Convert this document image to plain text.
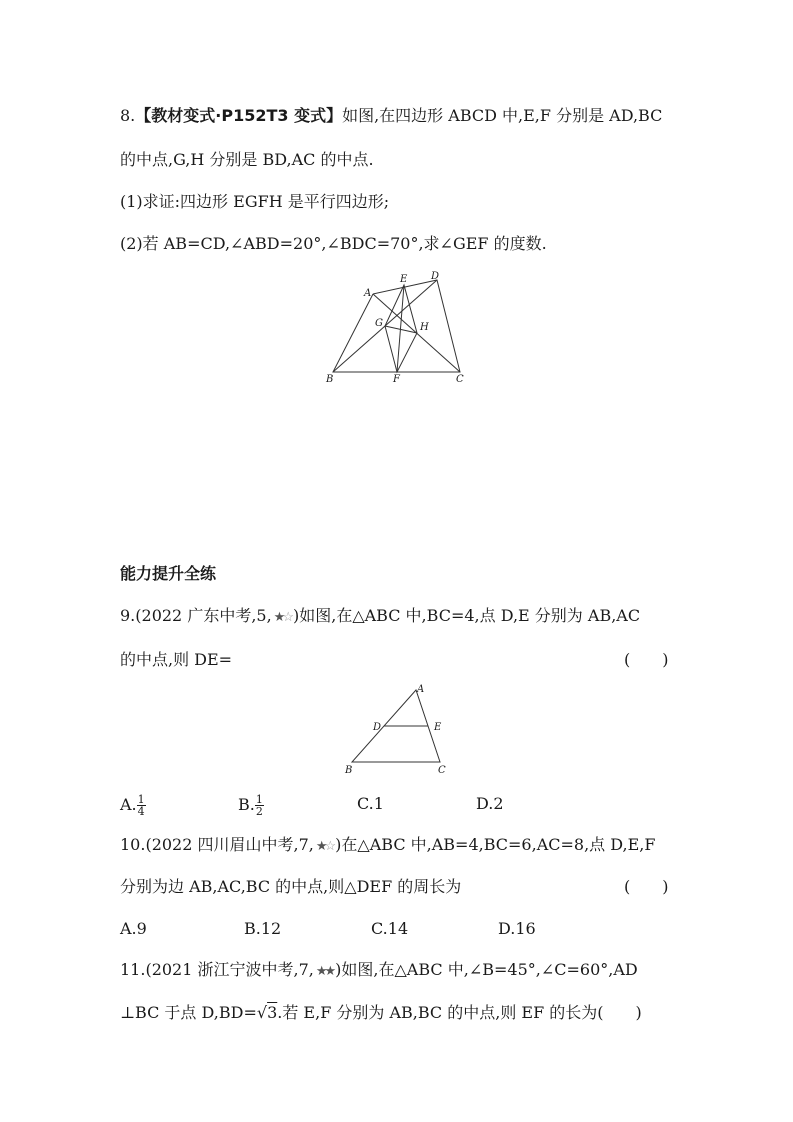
8.【教材变式·P152T3 变式】如图,在四边形 ABCD 中,E,F 分别是 AD,BC
的中点,G,H 分别是 BD,AC 的中点.
(1)求证:四边形 EGFH 是平行四边形;
(2)若 AB=CD,∠ABD=20°,∠BDC=70°,求∠GEF 的度数.
A
B	C
D
E
F
G	H
能力提升全练
9.(2022 广东中考,5, ★☆ )如图,在△ABC 中,BC=4,点 D,E 分别为 AB,AC
的中点,则 DE=	(　　)
A
B	C
D	E
A. $\frac{1}{4}$	B. $\frac{1}{2}$	C.1	D.2
10.(2022 四川眉山中考,7, ★☆ )在△ABC 中,AB=4,BC=6,AC=8,点 D,E,F
分别为边 AB,AC,BC 的中点,则△DEF 的周长为	(　　)
A.9	B.12	C.14	D.16
11.(2021 浙江宁波中考,7, ★★ )如图,在△ABC 中,∠B=45°,∠C=60°,AD
⊥BC 于点 D,BD=√3.若 E,F 分别为 AB,BC 的中点,则 EF 的长为(　　)
